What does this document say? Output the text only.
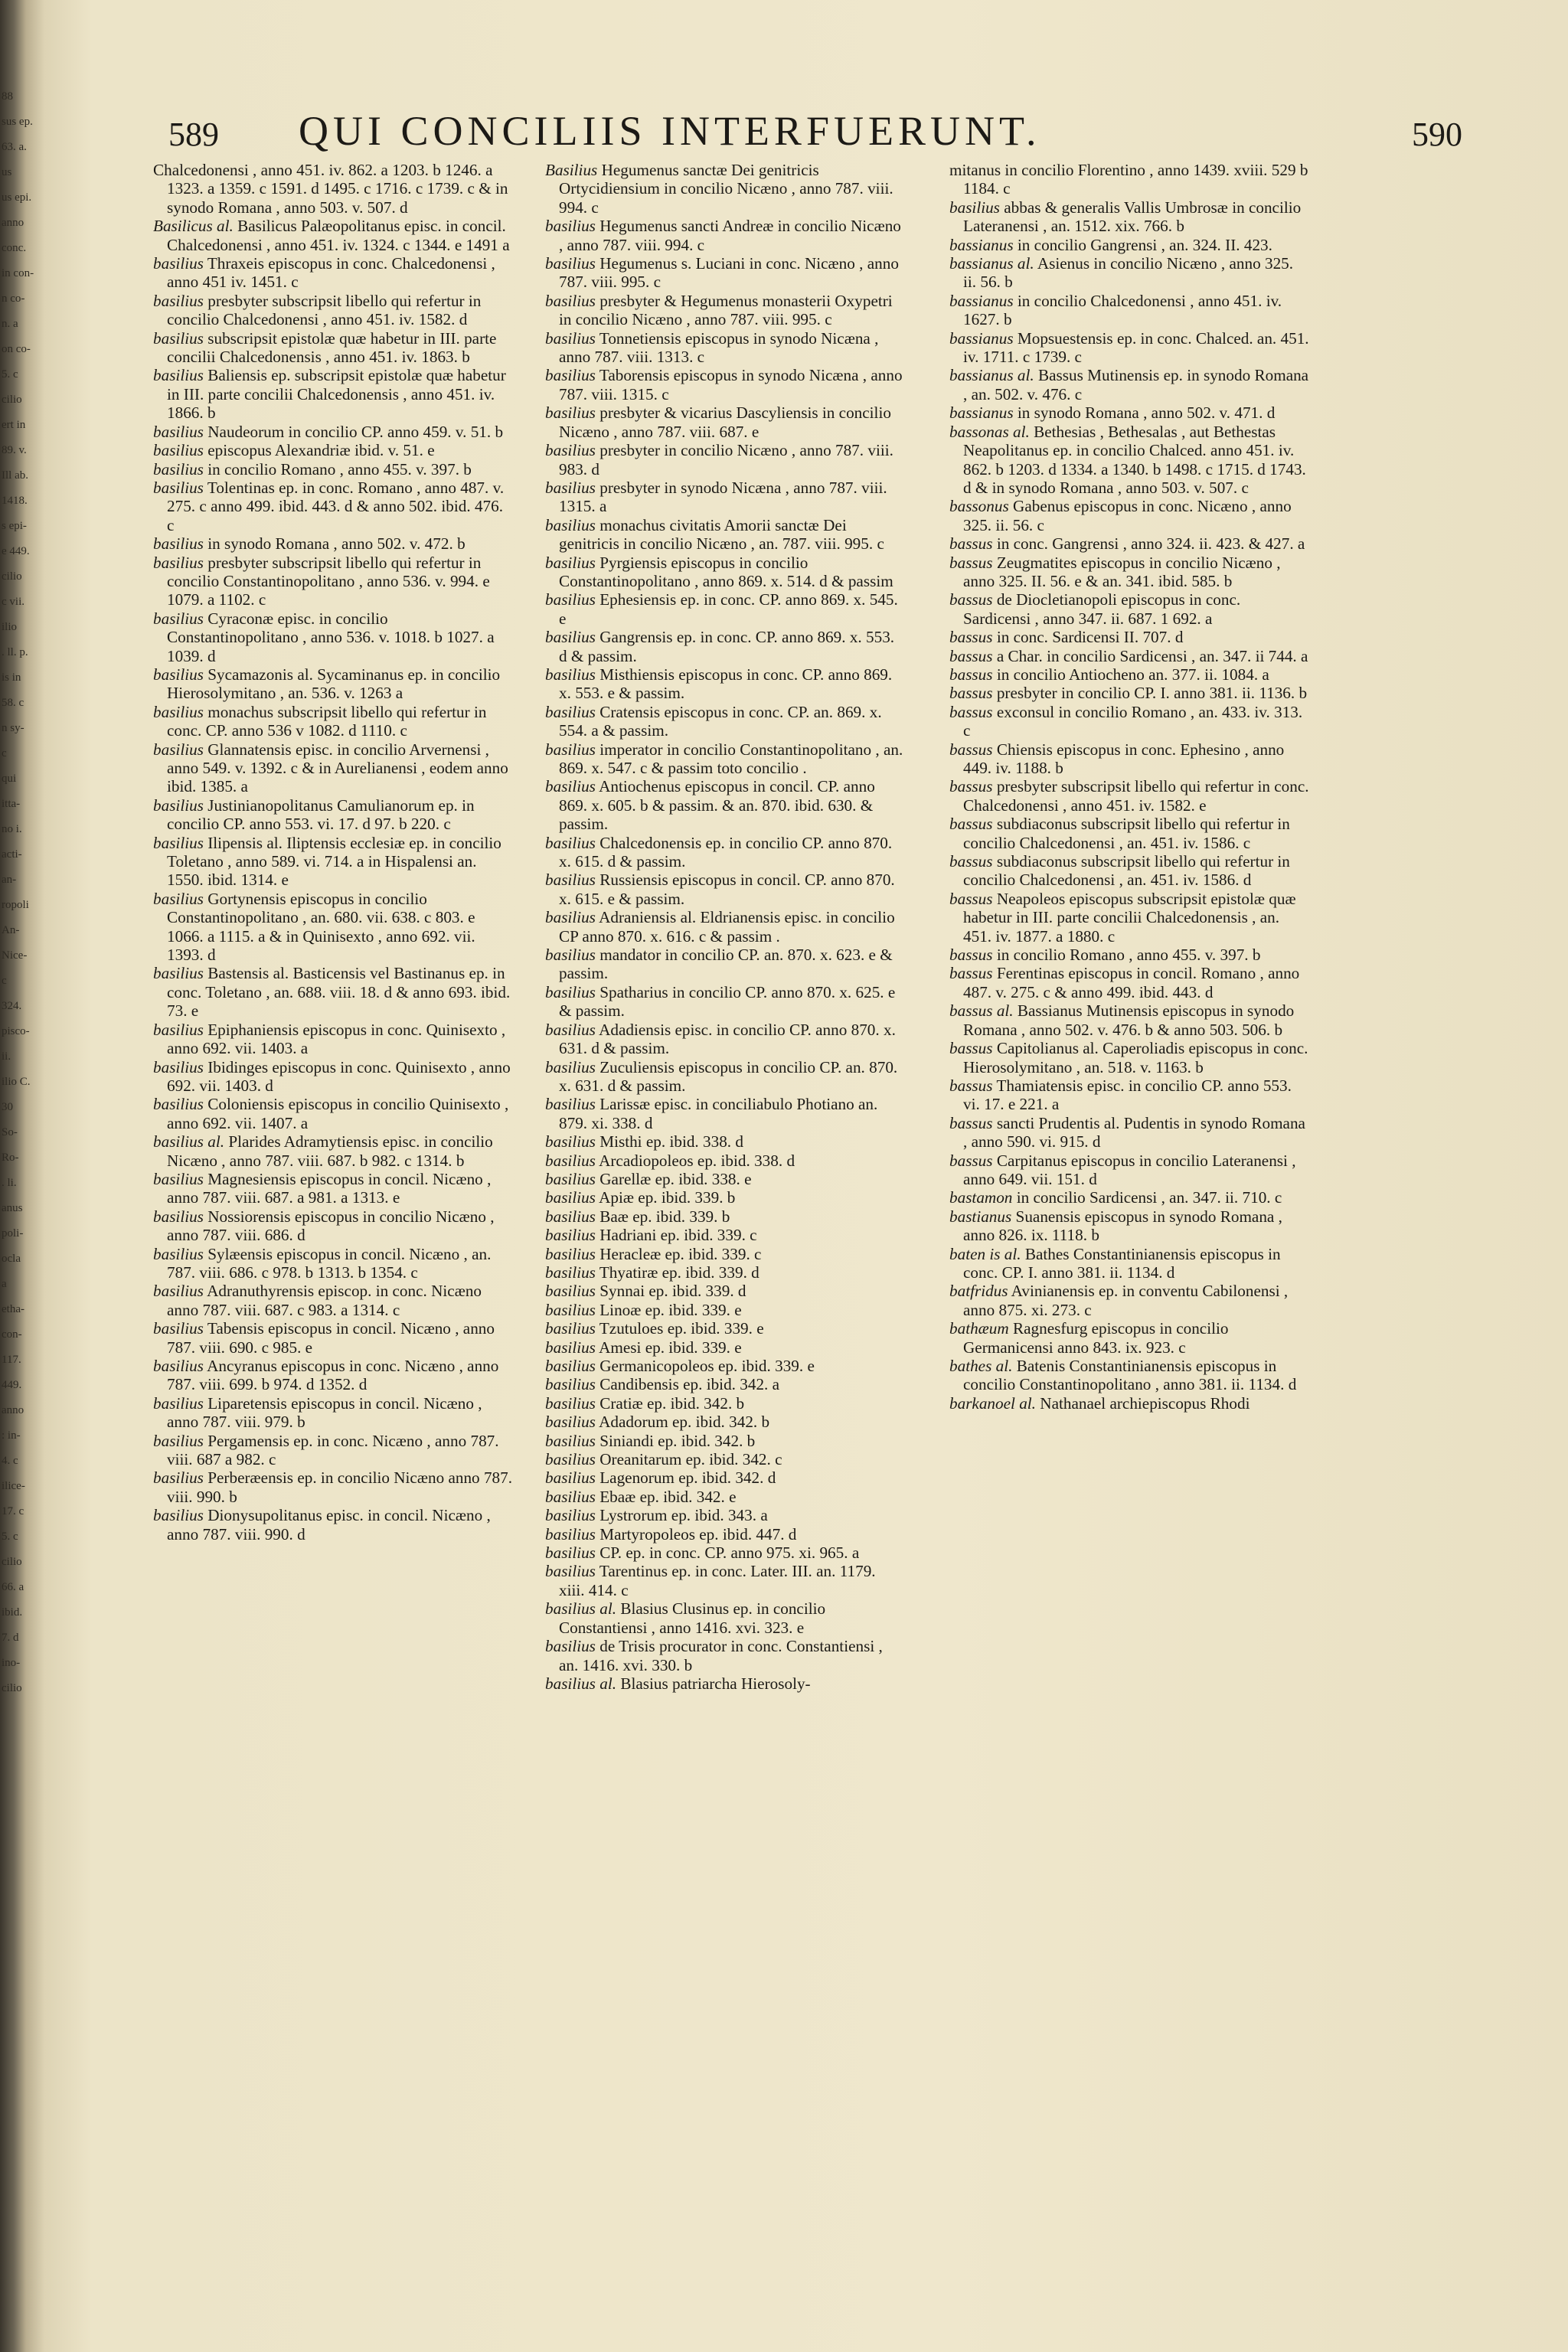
88
sus ep.
63. a.
us
us epi.
anno
conc.
in con-
n co-
n. a
on co-
5. c
cilio
ert in
89. v.
Ill ab.
1418.
s epi-
e 449.
cilio
c vii.
ilio
. ll. p.
is in
58. c
n sy-
c
qui
itta-
no i.
acti-
an-
ropoli
An-
Nice-
c
324.
pisco-
ii.
ilio C.
30
So-
Ro-
. li.
anus
poli-
ocla
a
etha-
con-
117.
449.
anno
: in-
4. c
ilice-
17. c
5. c
cilio
66. a
ibid.
7. d
ino-
cilio
589 QUI CONCILIIS INTERFUERUNT.	590

Chalcedonensi , anno 451. iv. 862. a 1203. b 1246. a 1323. a 1359. c 1591. d 1495. c 1716. c 1739. c & in synodo Romana , anno 503. v. 507. d

Basilicus al. Basilicus Palæopolitanus episc. in concil. Chalcedonensi , anno 451. iv. 1324. c 1344. e 1491 a

basilius Thraxeis episcopus in conc. Chalcedonensi , anno 451 iv. 1451. c

basilius presbyter subscripsit libello qui refertur in concilio Chalcedonensi , anno 451. iv. 1582. d

basilius subscripsit epistolæ quæ habetur in III. parte concilii Chalcedonensis , anno 451. iv. 1863. b

basilius Baliensis ep. subscripsit epistolæ quæ habetur in III. parte concilii Chalcedonensis , anno 451. iv. 1866. b

basilius Naudeorum in concilio CP. anno 459. v. 51. b

basilius episcopus Alexandriæ ibid. v. 51. e

basilius in concilio Romano , anno 455. v. 397. b

basilius Tolentinas ep. in conc. Romano , anno 487. v. 275. c anno 499. ibid. 443. d & anno 502. ibid. 476. c

basilius in synodo Romana , anno 502. v. 472. b

basilius presbyter subscripsit libello qui refertur in concilio Constantinopolitano , anno 536. v. 994. e 1079. a 1102. c

basilius Cyraconæ episc. in concilio Constantinopolitano , anno 536. v. 1018. b 1027. a 1039. d

basilius Sycamazonis al. Sycaminanus ep. in concilio Hierosolymitano , an. 536. v. 1263 a

basilius monachus subscripsit libello qui refertur in conc. CP. anno 536 v 1082. d 1110. c

basilius Glannatensis episc. in concilio Arvernensi , anno 549. v. 1392. c & in Aurelianensi , eodem anno ibid. 1385. a

basilius Justinianopolitanus Camulianorum ep. in concilio CP. anno 553. vi. 17. d 97. b 220. c

basilius Ilipensis al. Iliptensis ecclesiæ ep. in concilio Toletano , anno 589. vi. 714. a in Hispalensi an. 1550. ibid. 1314. e

basilius Gortynensis episcopus in concilio Constantinopolitano , an. 680. vii. 638. c 803. e 1066. a 1115. a & in Quinisexto , anno 692. vii. 1393. d

basilius Bastensis al. Basticensis vel Bastinanus ep. in conc. Toletano , an. 688. viii. 18. d & anno 693. ibid. 73. e

basilius Epiphaniensis episcopus in conc. Quinisexto , anno 692. vii. 1403. a

basilius Ibidinges episcopus in conc. Quinisexto , anno 692. vii. 1403. d

basilius Coloniensis episcopus in concilio Quinisexto , anno 692. vii. 1407. a

basilius al. Plarides Adramytiensis episc. in concilio Nicæno , anno 787. viii. 687. b 982. c 1314. b

basilius Magnesiensis episcopus in concil. Nicæno , anno 787. viii. 687. a 981. a 1313. e

basilius Nossiorensis episcopus in concilio Nicæno , anno 787. viii. 686. d

basilius Sylæensis episcopus in concil. Nicæno , an. 787. viii. 686. c 978. b 1313. b 1354. c

basilius Adranuthyrensis episcop. in conc. Nicæno anno 787. viii. 687. c 983. a 1314. c

basilius Tabensis episcopus in concil. Nicæno , anno 787. viii. 690. c 985. e

basilius Ancyranus episcopus in conc. Nicæno , anno 787. viii. 699. b 974. d 1352. d

basilius Liparetensis episcopus in concil. Nicæno , anno 787. viii. 979. b

basilius Pergamensis ep. in conc. Nicæno , anno 787. viii. 687 a 982. c

basilius Perberæensis ep. in concilio Nicæno anno 787. viii. 990. b

basilius Dionysupolitanus episc. in concil. Nicæno , anno 787. viii. 990. d

Basilius Hegumenus sanctæ Dei genitricis Ortycidiensium in concilio Nicæno , anno 787. viii. 994. c

basilius Hegumenus sancti Andreæ in concilio Nicæno , anno 787. viii. 994. c

basilius Hegumenus s. Luciani in conc. Nicæno , anno 787. viii. 995. c

basilius presbyter & Hegumenus monasterii Oxypetri in concilio Nicæno , anno 787. viii. 995. c

basilius Tonnetiensis episcopus in synodo Nicæna , anno 787. viii. 1313. c

basilius Taborensis episcopus in synodo Nicæna , anno 787. viii. 1315. c

basilius presbyter & vicarius Dascyliensis in concilio Nicæno , anno 787. viii. 687. e

basilius presbyter in concilio Nicæno , anno 787. viii. 983. d

basilius presbyter in synodo Nicæna , anno 787. viii. 1315. a

basilius monachus civitatis Amorii sanctæ Dei genitricis in concilio Nicæno , an. 787. viii. 995. c

basilius Pyrgiensis episcopus in concilio Constantinopolitano , anno 869. x. 514. d & passim

basilius Ephesiensis ep. in conc. CP. anno 869. x. 545. e

basilius Gangrensis ep. in conc. CP. anno 869. x. 553. d & passim.

basilius Misthiensis episcopus in conc. CP. anno 869. x. 553. e & passim.

basilius Cratensis episcopus in conc. CP. an. 869. x. 554. a & passim.

basilius imperator in concilio Constantinopolitano , an. 869. x. 547. c & passim toto concilio .

basilius Antiochenus episcopus in concil. CP. anno 869. x. 605. b & passim. & an. 870. ibid. 630. & passim.

basilius Chalcedonensis ep. in concilio CP. anno 870. x. 615. d & passim.

basilius Russiensis episcopus in concil. CP. anno 870. x. 615. e & passim.

basilius Adraniensis al. Eldrianensis episc. in concilio CP anno 870. x. 616. c & passim .

basilius mandator in concilio CP. an. 870. x. 623. e & passim.

basilius Spatharius in concilio CP. anno 870. x. 625. e & passim.

basilius Adadiensis episc. in concilio CP. anno 870. x. 631. d & passim.

basilius Zuculiensis episcopus in concilio CP. an. 870. x. 631. d & passim.

basilius Larissæ episc. in conciliabulo Photiano an. 879. xi. 338. d

basilius Misthi ep. ibid. 338. d

basilius Arcadiopoleos ep. ibid. 338. d

basilius Garellæ ep. ibid. 338. e

basilius Apiæ ep. ibid. 339. b

basilius Baæ ep. ibid. 339. b

basilius Hadriani ep. ibid. 339. c

basilius Heracleæ ep. ibid. 339. c

basilius Thyatiræ ep. ibid. 339. d

basilius Synnai ep. ibid. 339. d

basilius Linoæ ep. ibid. 339. e

basilius Tzutuloes ep. ibid. 339. e

basilius Amesi ep. ibid. 339. e

basilius Germanicopoleos ep. ibid. 339. e

basilius Candibensis ep. ibid. 342. a

basilius Cratiæ ep. ibid. 342. b

basilius Adadorum ep. ibid. 342. b

basilius Siniandi ep. ibid. 342. b

basilius Oreanitarum ep. ibid. 342. c

basilius Lagenorum ep. ibid. 342. d

basilius Ebaæ ep. ibid. 342. e

basilius Lystrorum ep. ibid. 343. a

basilius Martyropoleos ep. ibid. 447. d

basilius CP. ep. in conc. CP. anno 975. xi. 965. a

basilius Tarentinus ep. in conc. Later. III. an. 1179. xiii. 414. c

basilius al. Blasius Clusinus ep. in concilio Constantiensi , anno 1416. xvi. 323. e

basilius de Trisis procurator in conc. Constantiensi , an. 1416. xvi. 330. b

basilius al. Blasius patriarcha Hierosoly-

mitanus in concilio Florentino , anno 1439. xviii. 529 b 1184. c

basilius abbas & generalis Vallis Umbrosæ in concilio Lateranensi , an. 1512. xix. 766. b

bassianus in concilio Gangrensi , an. 324. II. 423.

bassianus al. Asienus in concilio Nicæno , anno 325. ii. 56. b

bassianus in concilio Chalcedonensi , anno 451. iv. 1627. b

bassianus Mopsuestensis ep. in conc. Chalced. an. 451. iv. 1711. c 1739. c

bassianus al. Bassus Mutinensis ep. in synodo Romana , an. 502. v. 476. c

bassianus in synodo Romana , anno 502. v. 471. d

bassonas al. Bethesias , Bethesalas , aut Bethestas Neapolitanus ep. in concilio Chalced. anno 451. iv. 862. b 1203. d 1334. a 1340. b 1498. c 1715. d 1743. d & in synodo Romana , anno 503. v. 507. c

bassonus Gabenus episcopus in conc. Nicæno , anno 325. ii. 56. c

bassus in conc. Gangrensi , anno 324. ii. 423. & 427. a

bassus Zeugmatites episcopus in concilio Nicæno , anno 325. II. 56. e & an. 341. ibid. 585. b

bassus de Diocletianopoli episcopus in conc. Sardicensi , anno 347. ii. 687. 1 692. a

bassus in conc. Sardicensi II. 707. d

bassus a Char. in concilio Sardicensi , an. 347. ii 744. a

bassus in concilio Antiocheno an. 377. ii. 1084. a

bassus presbyter in concilio CP. I. anno 381. ii. 1136. b

bassus exconsul in concilio Romano , an. 433. iv. 313. c

bassus Chiensis episcopus in conc. Ephesino , anno 449. iv. 1188. b

bassus presbyter subscripsit libello qui refertur in conc. Chalcedonensi , anno 451. iv. 1582. e

bassus subdiaconus subscripsit libello qui refertur in concilio Chalcedonensi , an. 451. iv. 1586. c

bassus subdiaconus subscripsit libello qui refertur in concilio Chalcedonensi , an. 451. iv. 1586. d

bassus Neapoleos episcopus subscripsit epistolæ quæ habetur in III. parte concilii Chalcedonensis , an. 451. iv. 1877. a 1880. c

bassus in concilio Romano , anno 455. v. 397. b

bassus Ferentinas episcopus in concil. Romano , anno 487. v. 275. c & anno 499. ibid. 443. d

bassus al. Bassianus Mutinensis episcopus in synodo Romana , anno 502. v. 476. b & anno 503. 506. b

bassus Capitolianus al. Caperoliadis episcopus in conc. Hierosolymitano , an. 518. v. 1163. b

bassus Thamiatensis episc. in concilio CP. anno 553. vi. 17. e 221. a

bassus sancti Prudentis al. Pudentis in synodo Romana , anno 590. vi. 915. d

bassus Carpitanus episcopus in concilio Lateranensi , anno 649. vii. 151. d

bastamon in concilio Sardicensi , an. 347. ii. 710. c

bastianus Suanensis episcopus in synodo Romana , anno 826. ix. 1118. b

baten is al. Bathes Constantinianensis episcopus in conc. CP. I. anno 381. ii. 1134. d

batfridus Avinianensis ep. in conventu Cabilonensi , anno 875. xi. 273. c

bathæum Ragnesfurg episcopus in concilio Germanicensi anno 843. ix. 923. c

bathes al. Batenis Constantinianensis episcopus in concilio Constantinopolitano , anno 381. ii. 1134. d

barkanoel al. Nathanael archiepiscopus Rhodi
